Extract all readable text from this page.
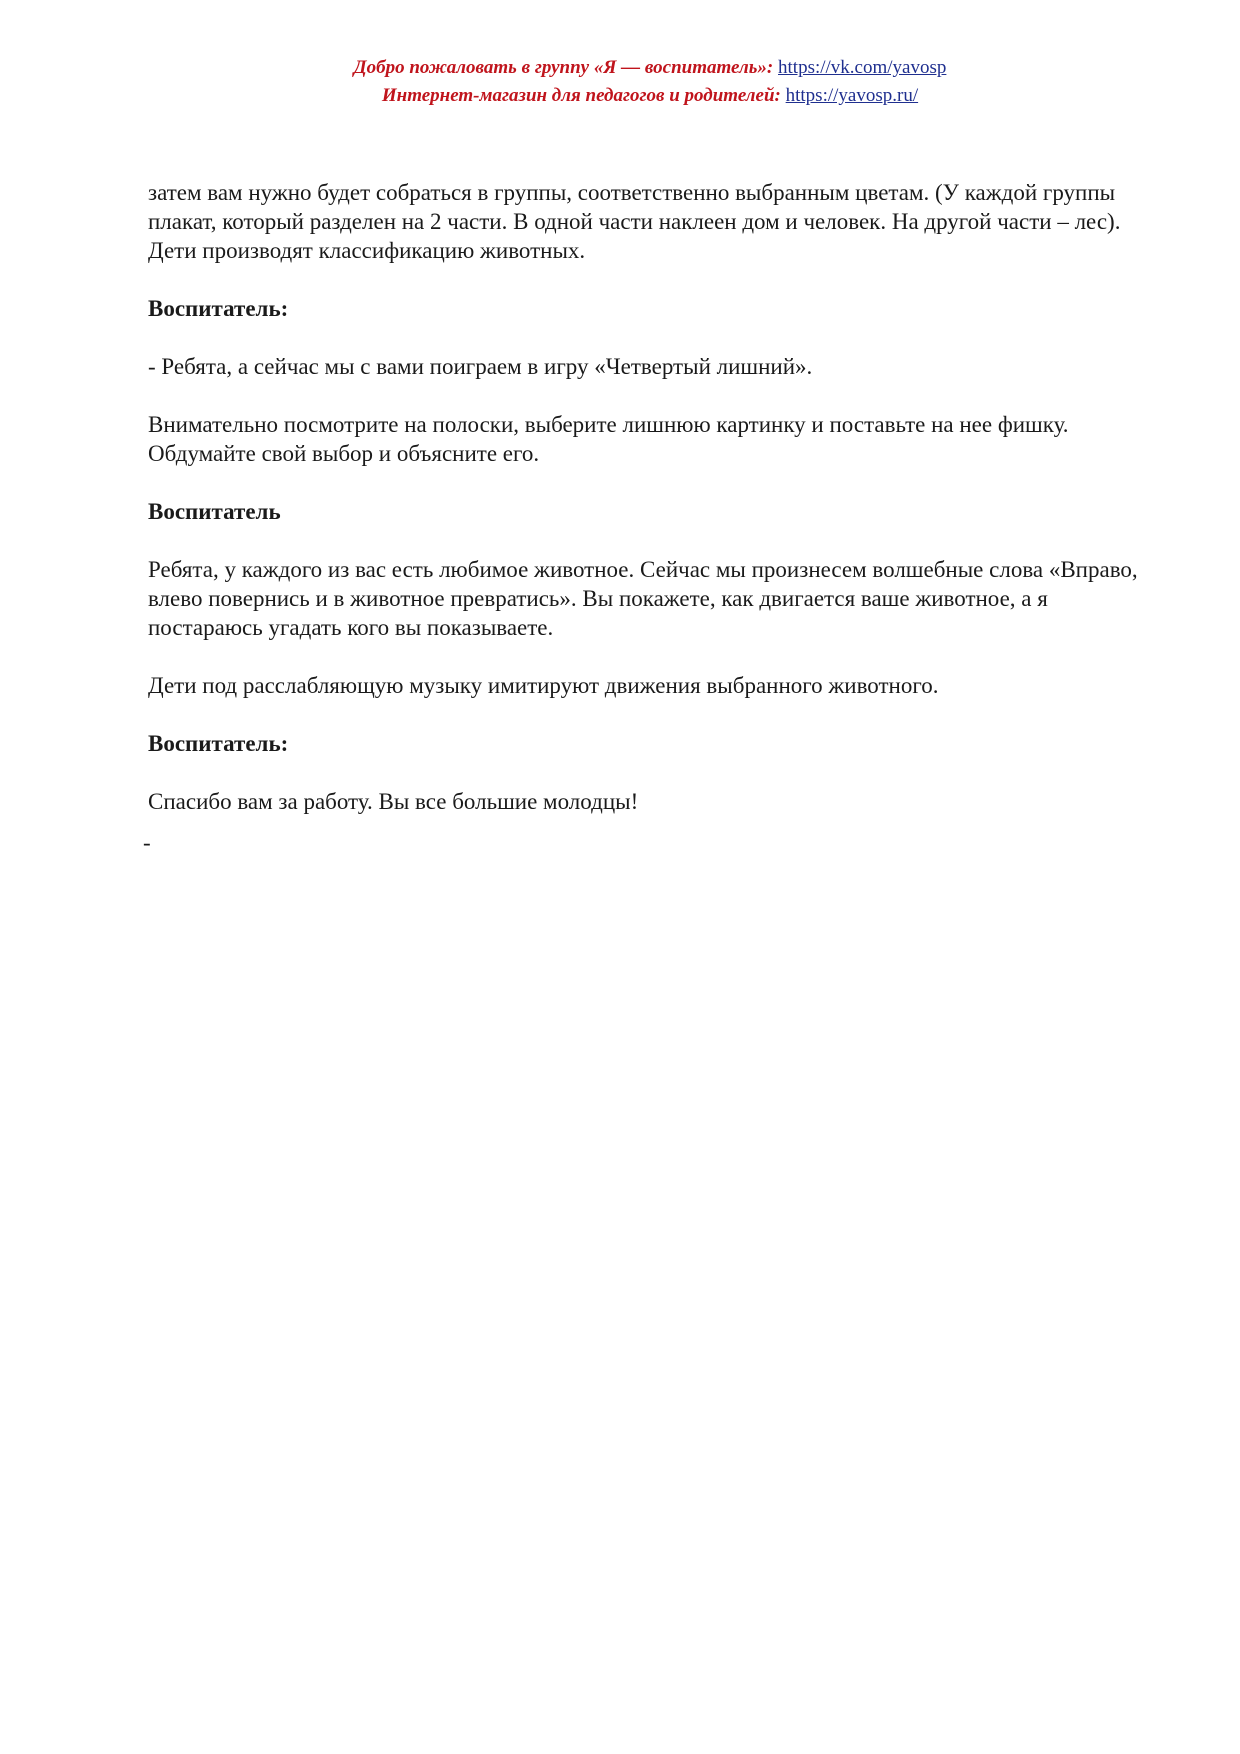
Добро пожаловать в группу «Я — воспитатель»: https://vk.com/yavosp
Интернет-магазин для педагогов и родителей: https://yavosp.ru/

затем вам нужно будет собраться в группы, соответственно выбранным цветам. (У каждой группы плакат, который разделен на 2 части. В одной части наклеен дом и человек. На другой части – лес). Дети производят классификацию животных.

Воспитатель:

- Ребята, а сейчас мы с вами поиграем в игру «Четвертый лишний».

Внимательно посмотрите на полоски, выберите лишнюю картинку и поставьте на нее фишку. Обдумайте свой выбор и объясните его.

Воспитатель

Ребята, у каждого из вас есть любимое животное. Сейчас мы произнесем волшебные слова «Вправо, влево повернись и в животное превратись». Вы покажете, как двигается ваше животное, а я постараюсь угадать кого вы показываете.

Дети под расслабляющую музыку имитируют движения выбранного животного.

Воспитатель:

Спасибо вам за работу. Вы все большие молодцы!

-
